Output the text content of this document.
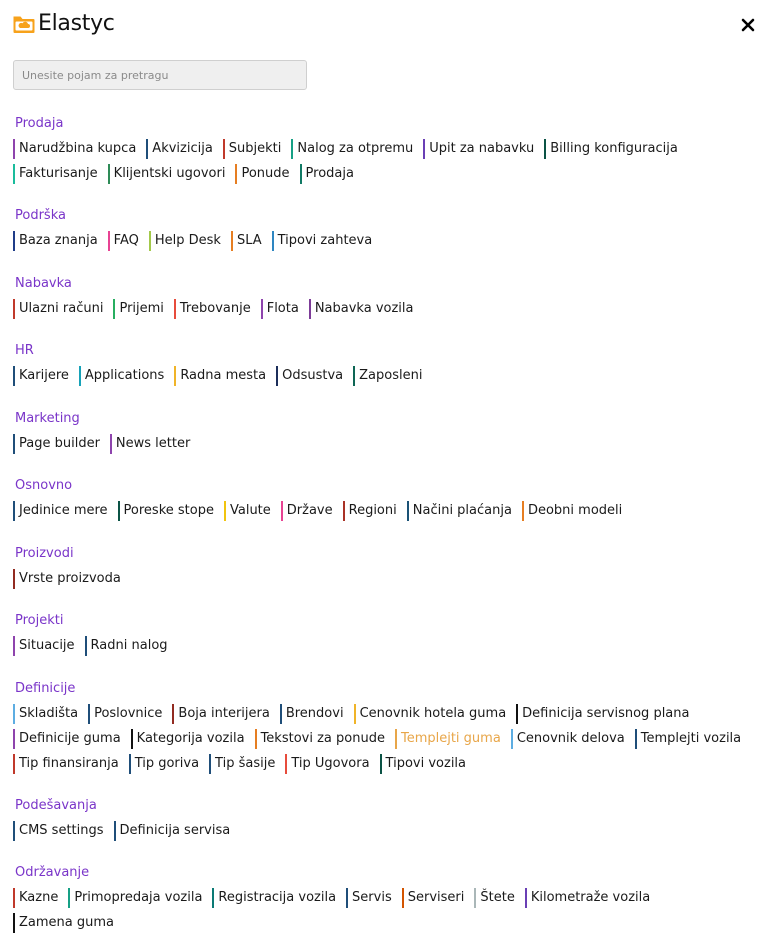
Elastyc
Unesite pojam za pretragu
Prodaja
Narudžbina kupca	Akvizicija	Subjekti	Nalog za otpremu	Upit za nabavku	Billing konfiguracija
Fakturisanje	Klijentski ugovori	Ponude	Prodaja
Podrška
Baza znanja	FAQ	Help Desk	SLA	Tipovi zahteva
Nabavka
Ulazni računi	Prijemi	Trebovanje	Flota	Nabavka vozila
HR
Karijere	Applications	Radna mesta	Odsustva	Zaposleni
Marketing
Page builder	News letter
Osnovno
Jedinice mere	Poreske stope	Valute	Države	Regioni	Načini plaćanja	Deobni modeli
Proizvodi
Vrste proizvoda
Projekti
Situacije	Radni nalog
Definicije
Skladišta	Poslovnice	Boja interijera	Brendovi	Cenovnik hotela guma	Definicija servisnog plana
Definicije guma	Kategorija vozila	Tekstovi za ponude	Templejti guma	Cenovnik delova	Templejti vozila
Tip finansiranja	Tip goriva	Tip šasije	Tip Ugovora	Tipovi vozila
Podešavanja
CMS settings	Definicija servisa
Održavanje
Kazne	Primopredaja vozila	Registracija vozila	Servis	Serviseri	Štete	Kilometraže vozila
Zamena guma
